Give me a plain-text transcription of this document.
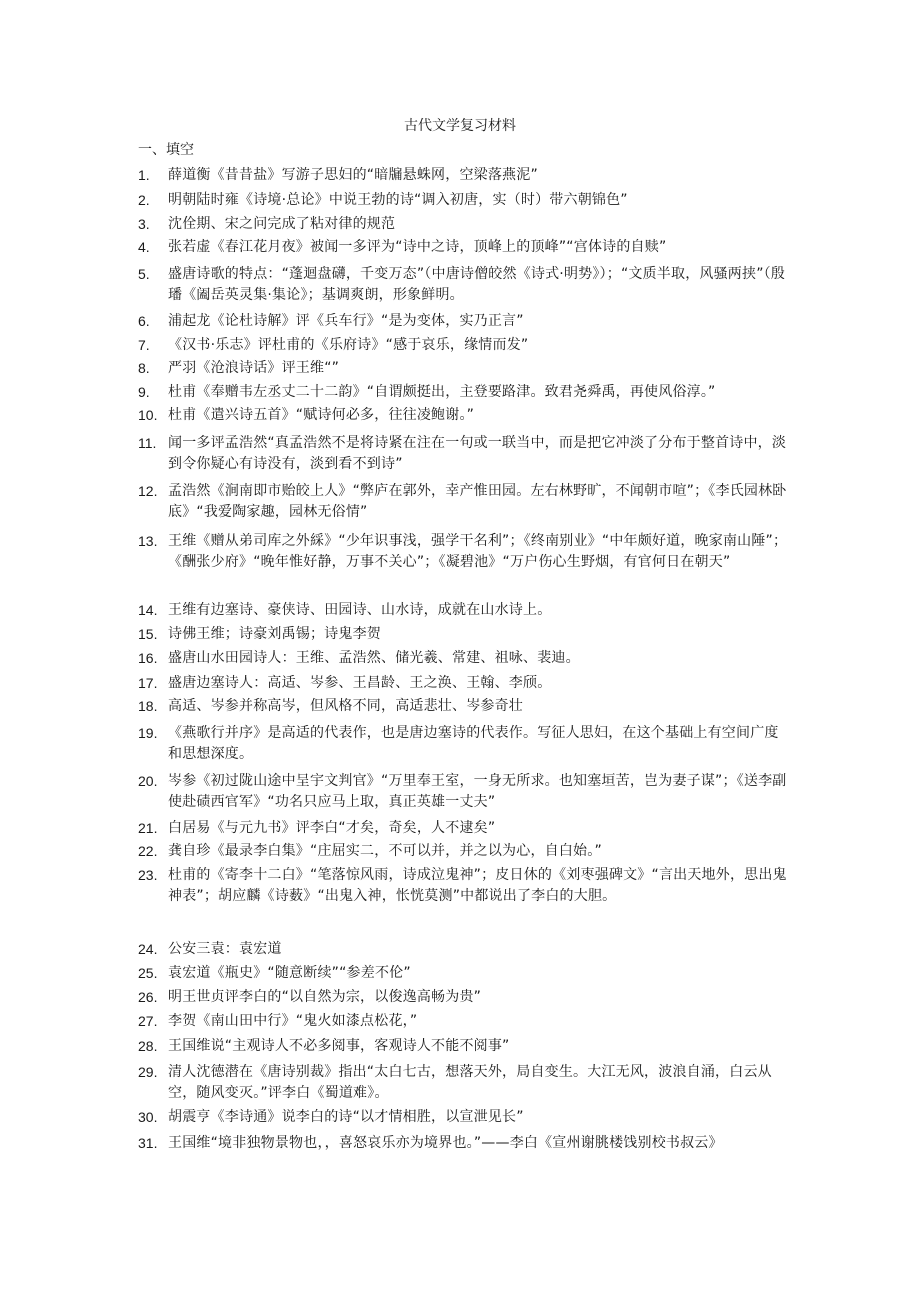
古代文学复习材料
一、填空
1. 薛道衡《昔昔盐》写游子思妇的“暗牖悬蛛网，空梁落燕泥”
2. 明朝陆时雍《诗境·总论》中说王勃的诗“调入初唐，实（时）带六朝锦色”
3. 沈佺期、宋之问完成了粘对律的规范
4. 张若虚《春江花月夜》被闻一多评为“诗中之诗，顶峰上的顶峰”“宫体诗的自赎”
5. 盛唐诗歌的特点：“蓬迴盘礴，千变万态”（中唐诗僧皎然《诗式·明势》）；“文质半取，风骚两挟”（殷璠《阖岳英灵集·集论》；基调爽朗，形象鲜明。
6. 浦起龙《论杜诗解》评《兵车行》“是为变体，实乃正言”
7. 《汉书·乐志》评杜甫的《乐府诗》“感于哀乐，缘情而发”
8. 严羽《沧浪诗话》评王维“”
9. 杜甫《奉赠韦左丞丈二十二韵》“自谓颇挺出，主登要路津。致君尧舜禹，再使风俗淳。”
10. 杜甫《遣兴诗五首》“赋诗何必多，往往凌鲍谢。”
11. 闻一多评孟浩然“真孟浩然不是将诗紧在注在一句或一联当中，而是把它冲淡了分布于整首诗中，淡到令你疑心有诗没有，淡到看不到诗”
12. 孟浩然《涧南即市贻皎上人》“弊庐在郭外，幸产惟田园。左右林野旷，不闻朝市喧”；《李氏园林卧底》“我爱陶家趣，园林无俗情”
13. 王维《赠从弟司库之外綵》“少年识事浅，强学干名利”；《终南别业》“中年颇好道，晚家南山陲”；《酬张少府》“晚年惟好静，万事不关心”；《凝碧池》“万户伤心生野烟，有官何日在朝天”
14. 王维有边塞诗、豪侠诗、田园诗、山水诗，成就在山水诗上。
15. 诗佛王维；诗豪刘禹锡；诗鬼李贺
16. 盛唐山水田园诗人：王维、孟浩然、储光羲、常建、祖咏、裴迪。
17. 盛唐边塞诗人：高适、岑参、王昌龄、王之涣、王翰、李颀。
18. 高适、岑参并称高岑，但风格不同，高适悲壮、岑参奇壮
19. 《燕歌行并序》是高适的代表作，也是唐边塞诗的代表作。写征人思妇，在这个基础上有空间广度和思想深度。
20. 岑参《初过陇山途中呈宇文判官》“万里奉王室，一身无所求。也知塞垣苦，岂为妻子谋”；《送李副使赴碛西官军》“功名只应马上取，真正英雄一丈夫”
21. 白居易《与元九书》评李白“才矣，奇矣，人不逮矣”
22. 龚自珍《最录李白集》“庄屈实二，不可以并，并之以为心，自白始。”
23. 杜甫的《寄李十二白》“笔落惊风雨，诗成泣鬼神”；皮日休的《刘枣强碑文》“言出天地外，思出鬼神表”；胡应麟《诗薮》“出鬼入神，怅恍莫测”中都说出了李白的大胆。
24. 公安三袁：袁宏道
25. 袁宏道《瓶史》“随意断续”“参差不伦”
26. 明王世贞评李白的“以自然为宗，以俊逸高畅为贵”
27. 李贺《南山田中行》“鬼火如漆点松花，”
28. 王国维说“主观诗人不必多阅事，客观诗人不能不阅事”
29. 清人沈德潜在《唐诗别裁》指出“太白七古，想落天外，局自变生。大江无风，波浪自涌，白云从空，随风变灭。”评李白《蜀道难》。
30. 胡震亨《李诗通》说李白的诗“以才情相胜，以宣泄见长”
31. 王国维“境非独物景物也，，喜怒哀乐亦为境界也。”——李白《宣州谢朓楼饯别校书叔云》
